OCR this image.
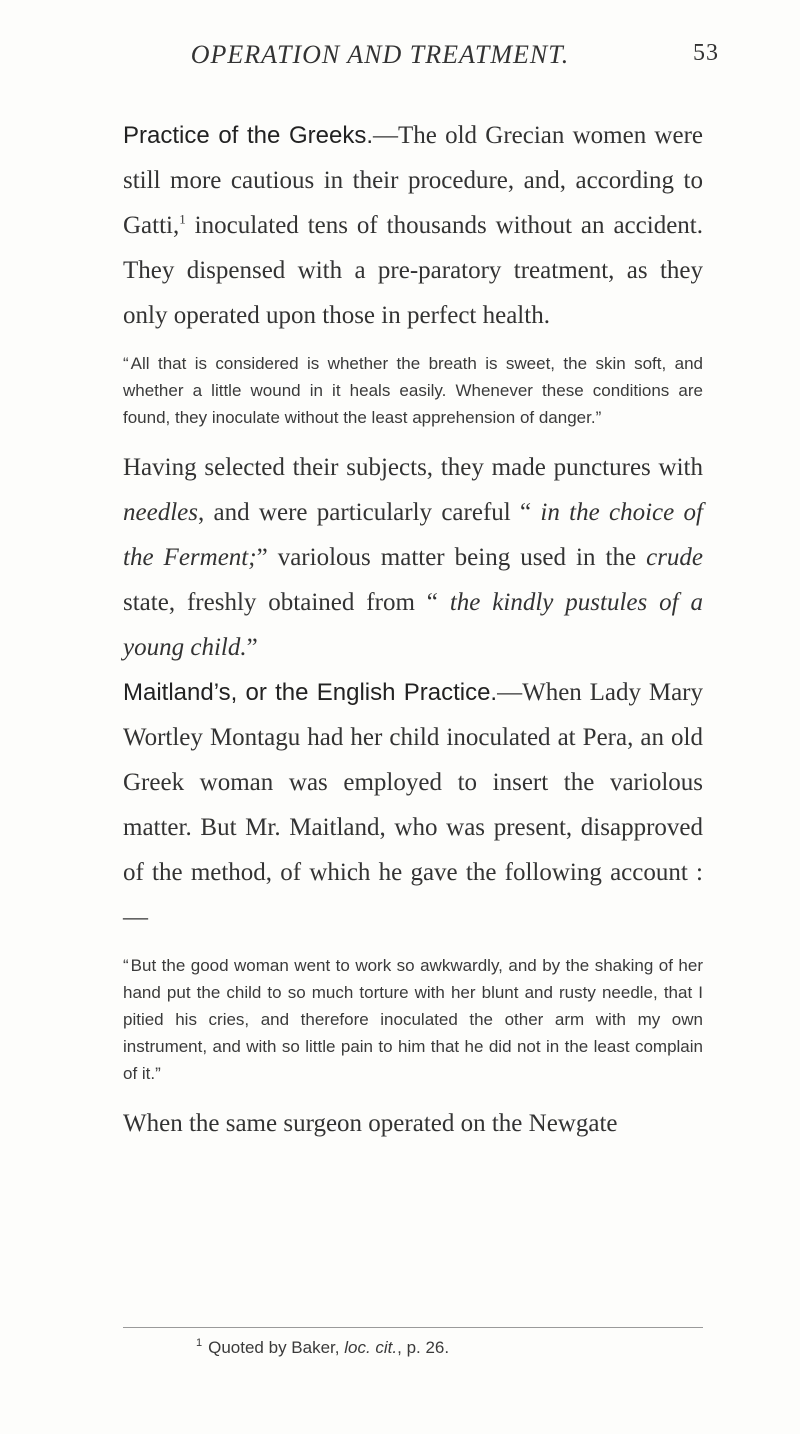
OPERATION AND TREATMENT.	53

Practice of the Greeks.—The old Grecian women were still more cautious in their procedure, and, according to Gatti,$^1$ inoculated tens of thousands without an accident. They dispensed with a pre-paratory treatment, as they only operated upon those in perfect health.

“ All that is considered is whether the breath is sweet, the skin soft, and whether a little wound in it heals easily. Whenever these conditions are found, they inoculate without the least apprehension of danger.”

Having selected their subjects, they made punctures with needles, and were particularly careful “ in the choice of the Ferment;” variolous matter being used in the crude state, freshly obtained from “ the kindly pustules of a young child.”

Maitland’s, or the English Practice.—When Lady Mary Wortley Montagu had her child inoculated at Pera, an old Greek woman was employed to insert the variolous matter. But Mr. Maitland, who was present, disapproved of the method, of which he gave the following account :—

“ But the good woman went to work so awkwardly, and by the shaking of her hand put the child to so much torture with her blunt and rusty needle, that I pitied his cries, and therefore inoculated the other arm with my own instrument, and with so little pain to him that he did not in the least complain of it.”

When the same surgeon operated on the Newgate

$^1$ Quoted by Baker, loc. cit., p. 26.
